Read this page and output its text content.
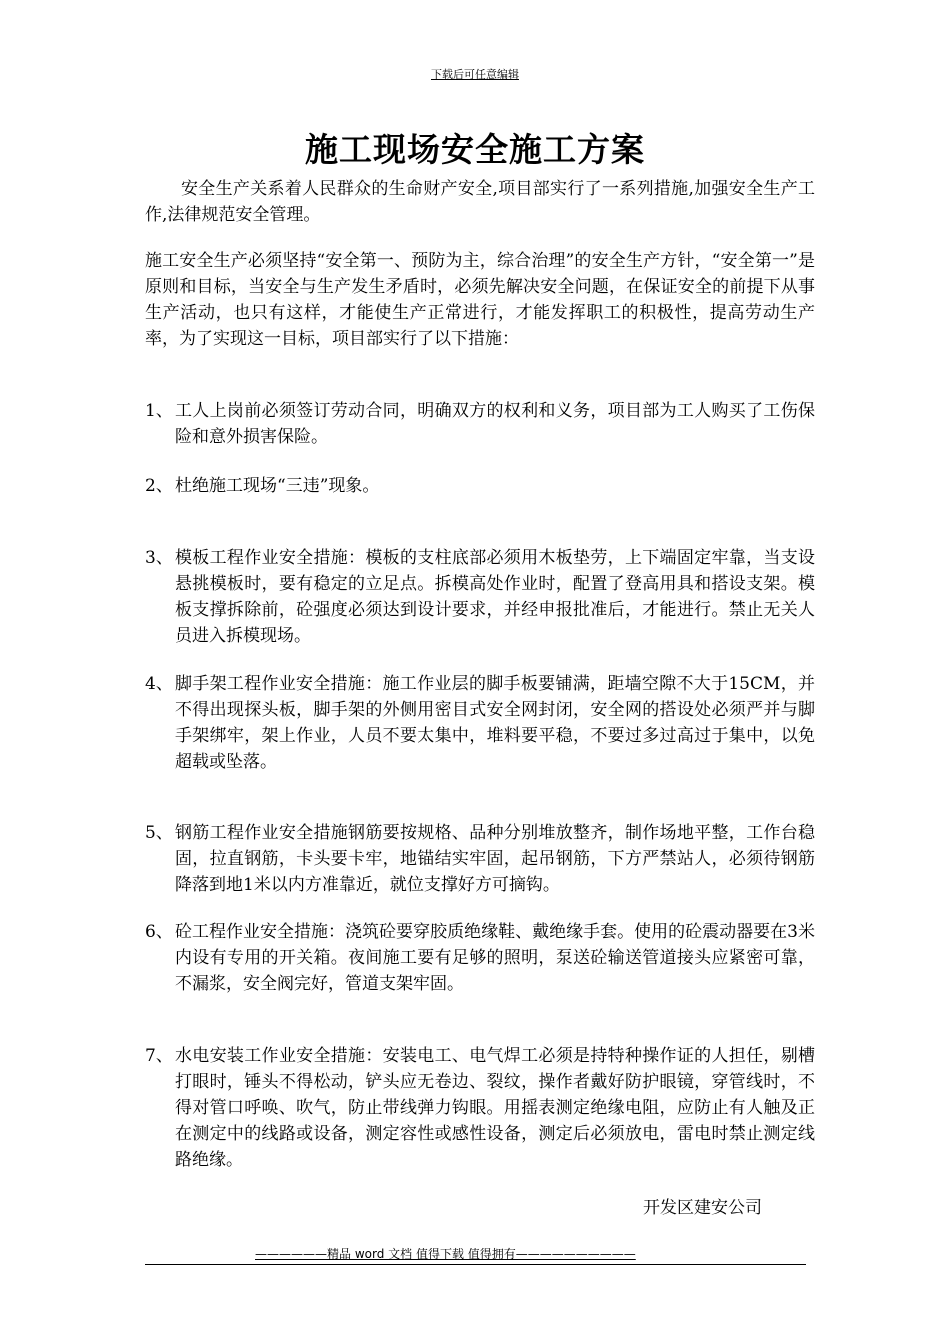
下载后可任意编辑
施工现场安全施工方案
安全生产关系着人民群众的生命财产安全,项目部实行了一系列措施,加强安全生产工作,法律规范安全管理。
施工安全生产必须坚持“安全第一、预防为主，综合治理”的安全生产方针，“安全第一”是原则和目标，当安全与生产发生矛盾时，必须先解决安全问题，在保证安全的前提下从事生产活动，也只有这样，才能使生产正常进行，才能发挥职工的积极性，提高劳动生产率，为了实现这一目标，项目部实行了以下措施：
1、 工人上岗前必须签订劳动合同，明确双方的权利和义务，项目部为工人购买了工伤保险和意外损害保险。
2、 杜绝施工现场“三违”现象。
3、 模板工程作业安全措施：模板的支柱底部必须用木板垫劳，上下端固定牢靠，当支设悬挑模板时，要有稳定的立足点。拆模高处作业时，配置了登高用具和搭设支架。模板支撑拆除前，砼强度必须达到设计要求，并经申报批准后，才能进行。禁止无关人员进入拆模现场。
4、 脚手架工程作业安全措施：施工作业层的脚手板要铺满，距墙空隙不大于15CM，并不得出现探头板，脚手架的外侧用密目式安全网封闭，安全网的搭设处必须严并与脚手架绑牢，架上作业，人员不要太集中，堆料要平稳，不要过多过高过于集中，以免超载或坠落。
5、 钢筋工程作业安全措施钢筋要按规格、品种分别堆放整齐，制作场地平整，工作台稳固，拉直钢筋，卡头要卡牢，地锚结实牢固，起吊钢筋，下方严禁站人，必须待钢筋降落到地1米以内方准靠近，就位支撑好方可摘钩。
6、 砼工程作业安全措施：浇筑砼要穿胶质绝缘鞋、戴绝缘手套。使用的砼震动器要在3米内设有专用的开关箱。夜间施工要有足够的照明，泵送砼输送管道接头应紧密可靠，不漏浆，安全阀完好，管道支架牢固。
7、 水电安装工作业安全措施：安装电工、电气焊工必须是持特种操作证的人担任，剔槽打眼时，锤头不得松动，铲头应无卷边、裂纹，操作者戴好防护眼镜，穿管线时，不得对管口呼唤、吹气，防止带线弹力钩眼。用摇表测定绝缘电阻，应防止有人触及正在测定中的线路或设备，测定容性或感性设备，测定后必须放电，雷电时禁止测定线路绝缘。
开发区建安公司
——————精品 word 文档 值得下载 值得拥有——————————
